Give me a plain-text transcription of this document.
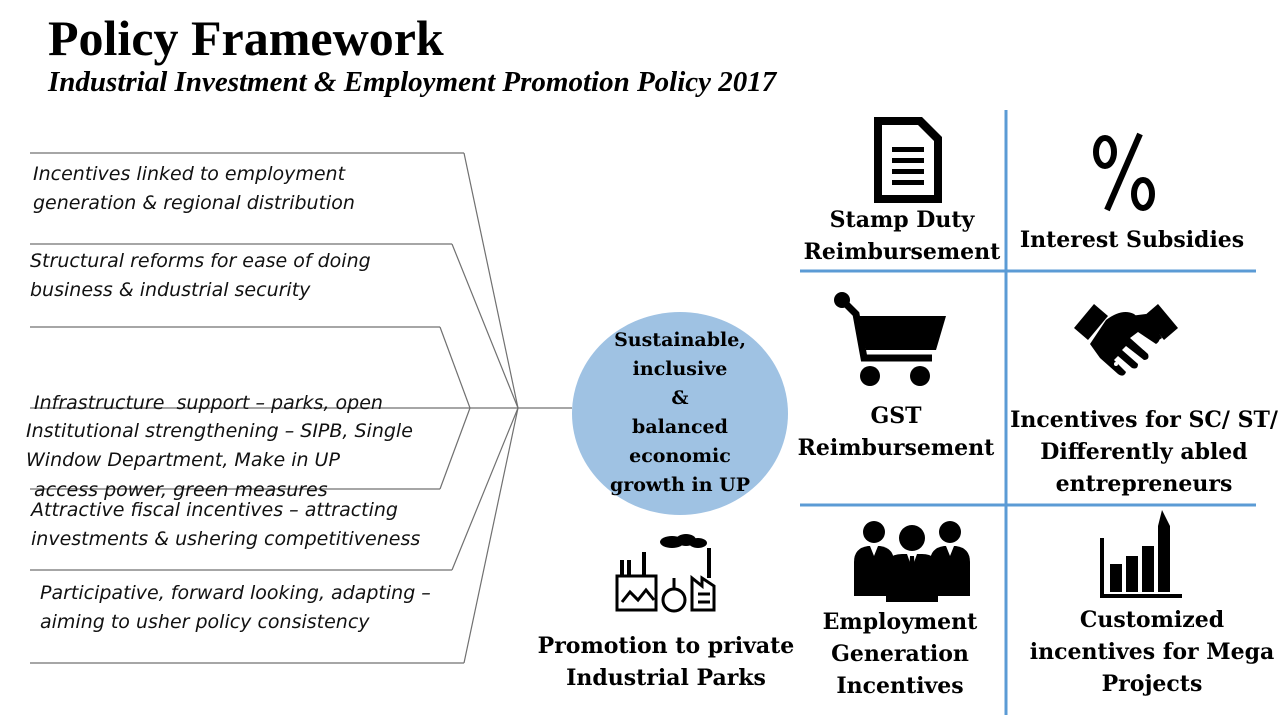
Policy Framework
Industrial Investment & Employment Promotion Policy 2017
Incentives linked to employment
generation & regional distribution
Structural reforms for ease of doing
business & industrial security

Infrastructure  support – parks, open

access power, green measures

Institutional strengthening – SIPB, Single
Window Department, Make in UP
Attractive fiscal incentives – attracting
investments & ushering competitiveness
Participative, forward looking, adapting –
aiming to usher policy consistency
Sustainable,
inclusive
&
balanced
economic
growth in UP
Promotion to private
Industrial Parks
Stamp Duty
Reimbursement Interest Subsidies
GST
Reimbursement
Incentives for SC/ ST/
Differently abled
entrepreneurs
Employment
Generation
Incentives
Customized
incentives for Mega
Projects
